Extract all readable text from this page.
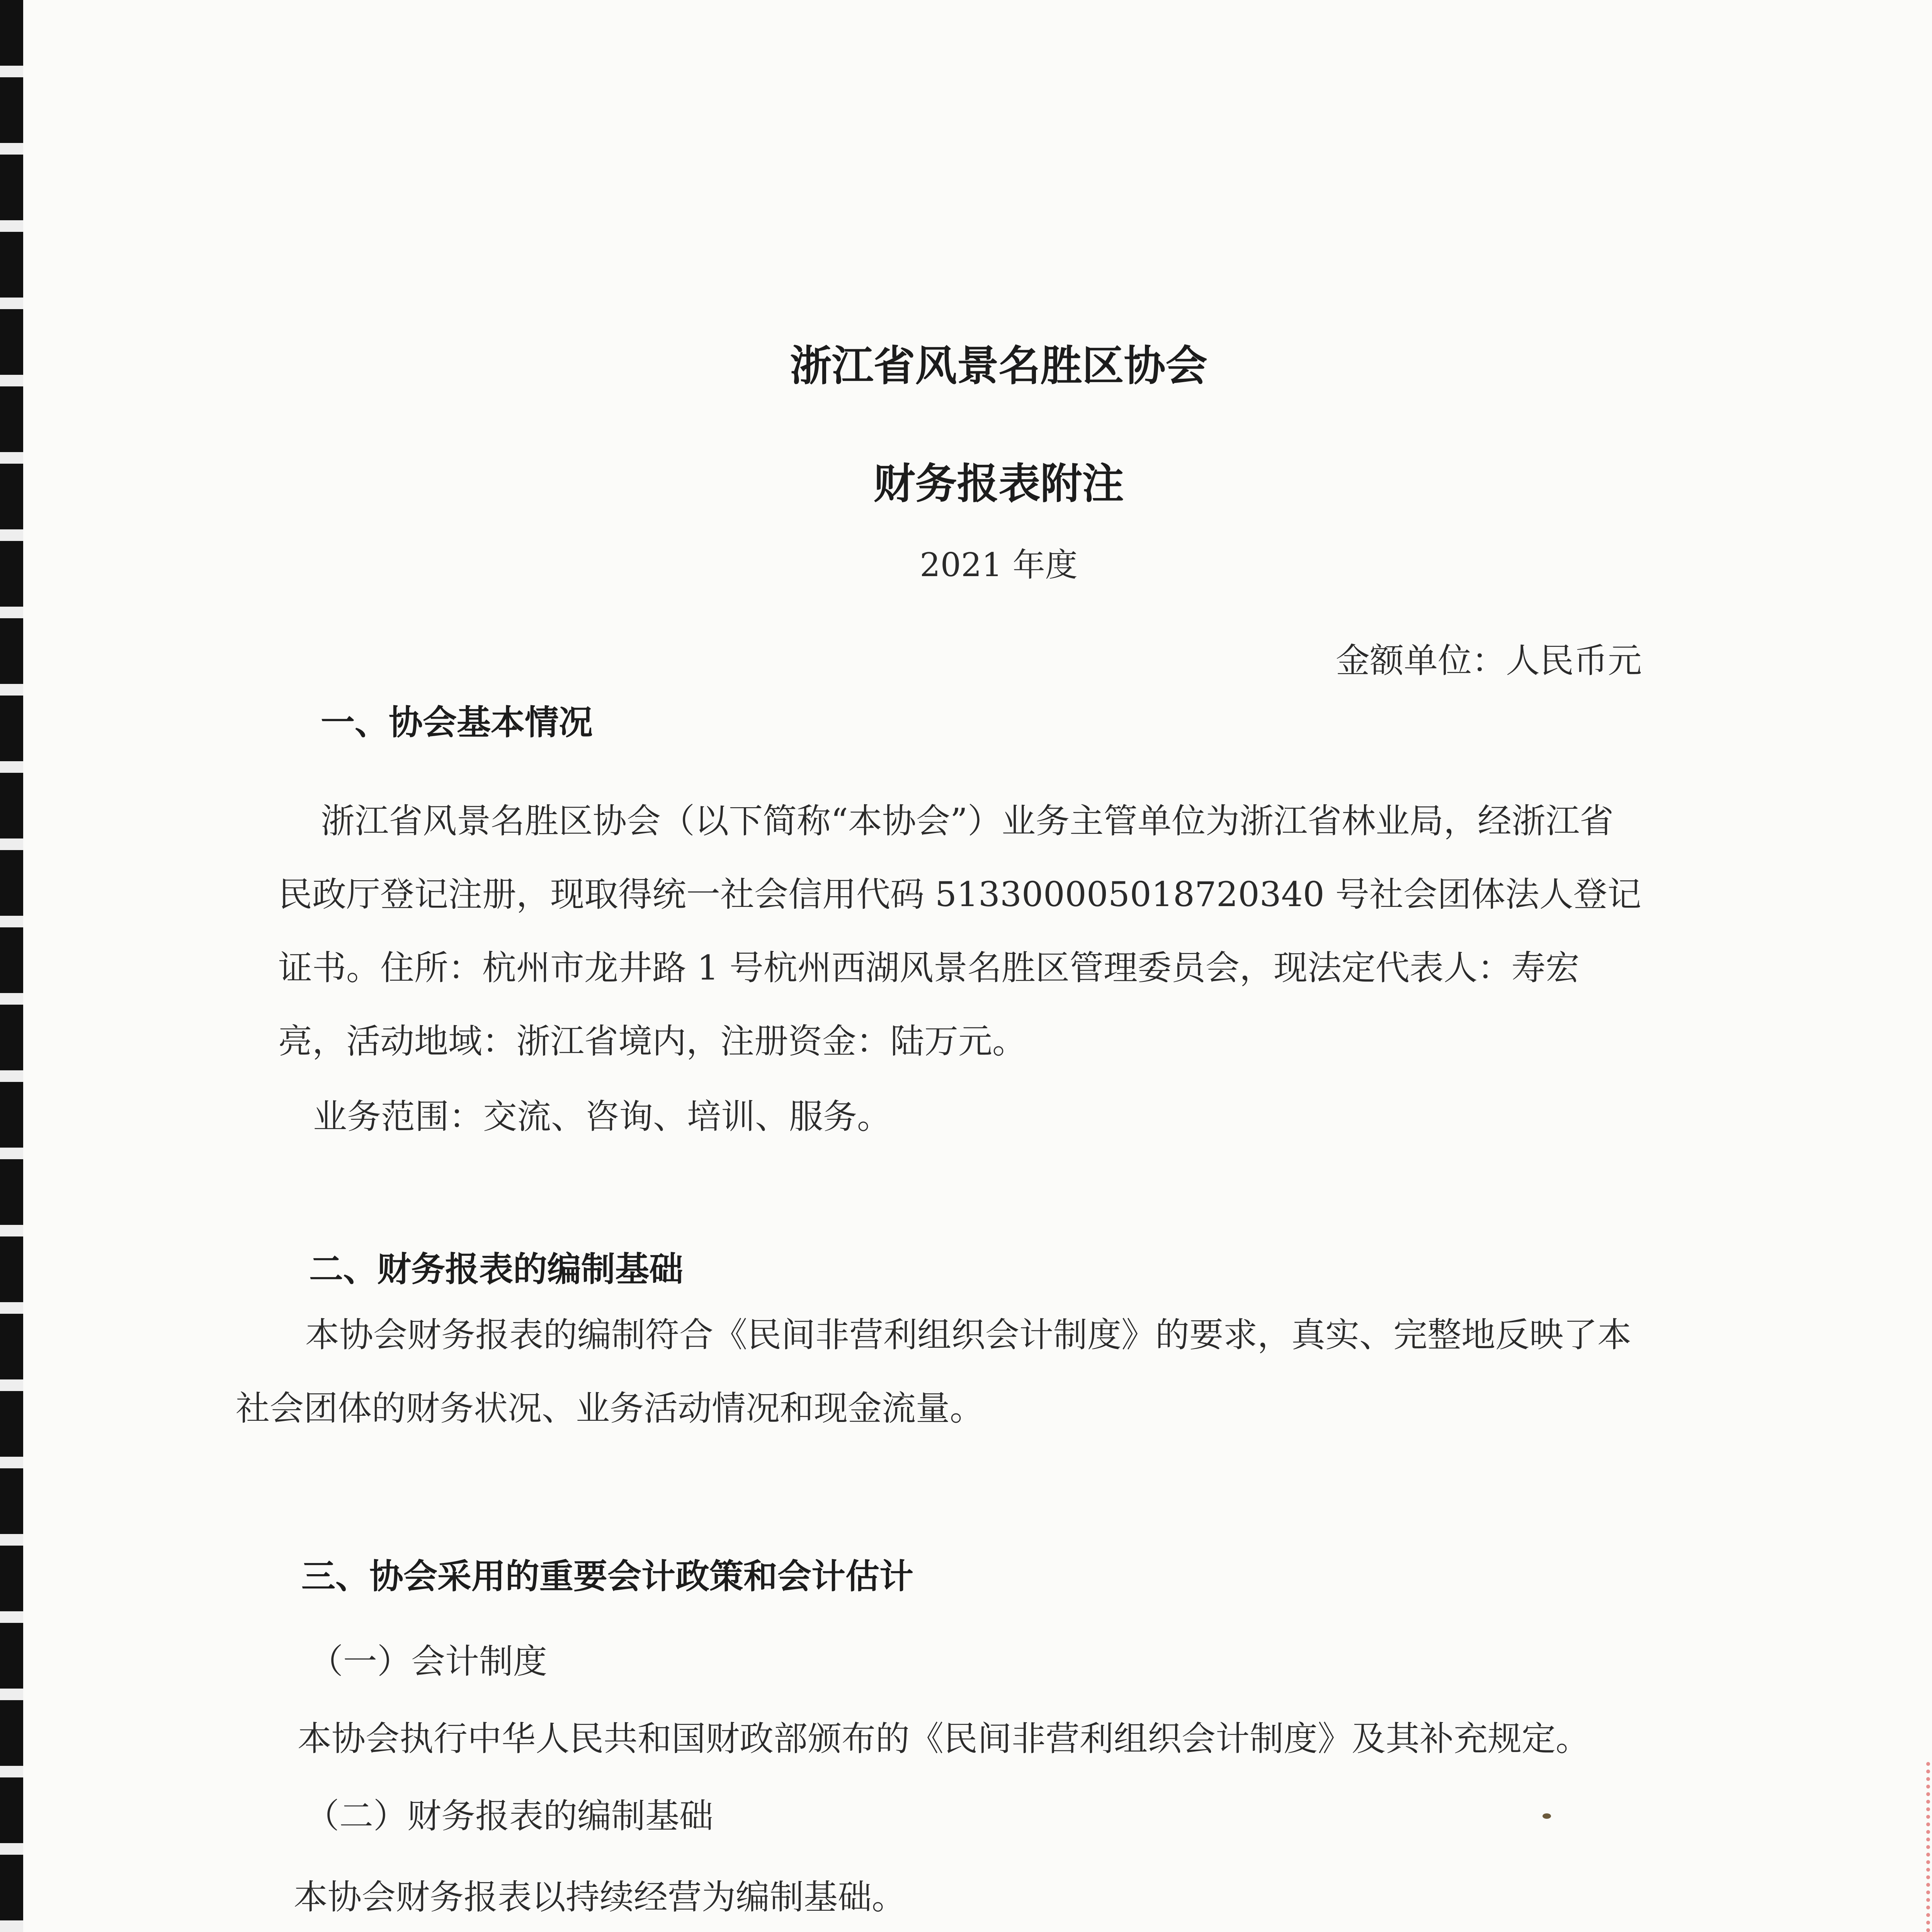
浙江省风景名胜区协会
财务报表附注
2021 年度
金额单位：人民币元
一、协会基本情况

浙江省风景名胜区协会（以下简称“本协会”）业务主管单位为浙江省林业局，经浙江省民政厅登记注册，现取得统一社会信用代码 51330000501872034​0 号社会团体法人登记证书。住所：杭州市龙井路 1 号杭州西湖风景名胜区管理委员会，现法定代表人：寿宏亮，活动地域：浙江省境内，注册资金：陆万元。

业务范围：交流、咨询、培训、服务。

二、财务报表的编制基础

本协会财务报表的编制符合《民间非营利组织会计制度》的要求，真实、完整地反映了本社会团体的财务状况、业务活动情况和现金流量。

三、协会采用的重要会计政策和会计估计

（一）会计制度

本协会执行中华人民共和国财政部颁布的《民间非营利组织会计制度》及其补充规定。

（二）财务报表的编制基础

本协会财务报表以持续经营为编制基础。
